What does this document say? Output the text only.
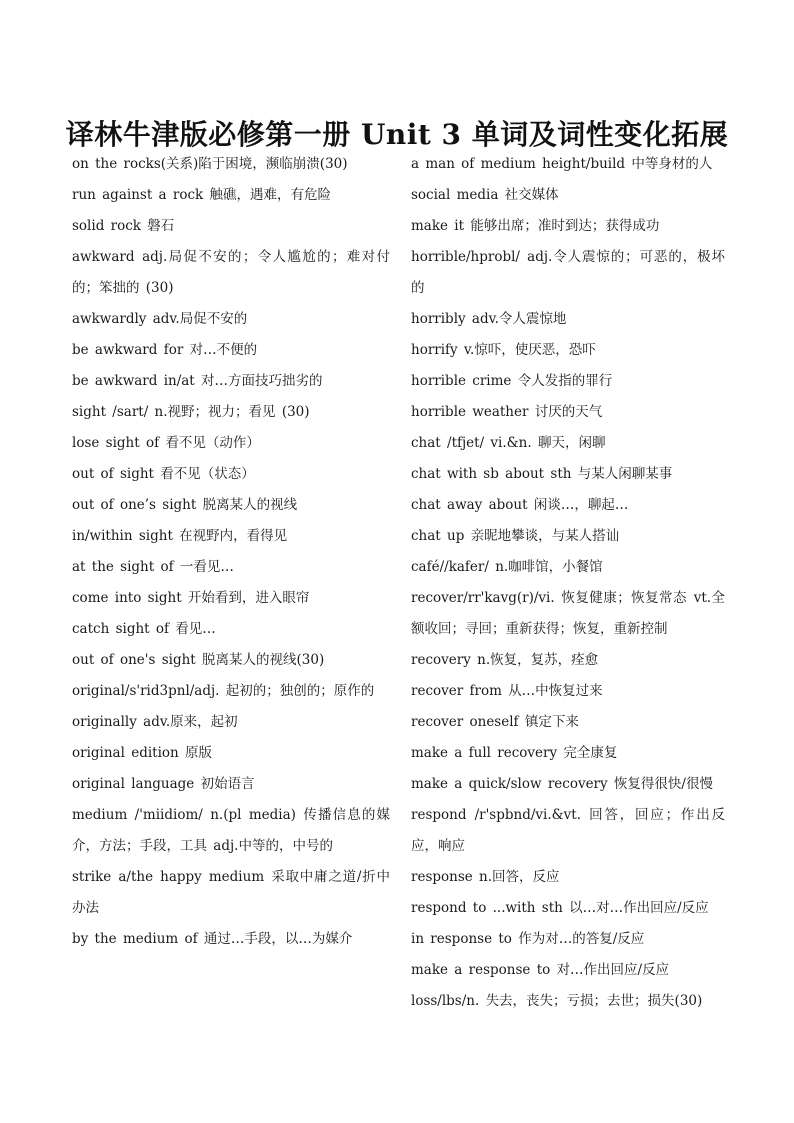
译林牛津版必修第一册 Unit 3 单词及词性变化拓展
on the rocks(关系)陷于困境，濒临崩溃(30)
run against a rock 触礁，遇难，有危险
solid rock 磐石
awkward adj.局促不安的；令人尴尬的；难对付的；笨拙的 (30)
awkwardly adv.局促不安的
be awkward for 对…不便的
be awkward in/at 对…方面技巧拙劣的
sight /sart/ n.视野；视力；看见 (30)
lose sight of 看不见（动作）
out of sight 看不见（状态）
out of one’s sight 脱离某人的视线
in/within sight 在视野内，看得见
at the sight of 一看见…
come into sight 开始看到，进入眼帘
catch sight of 看见…
out of one's sight 脱离某人的视线(30)
original/s'rid3pnl/adj. 起初的；独创的；原作的
originally adv.原来，起初
original edition 原版
original language 初始语言
medium /'miidiom/ n.(pl media) 传播信息的媒介，方法；手段，工具 adj.中等的，中号的
strike a/the happy medium 采取中庸之道/折中办法
by the medium of 通过…手段，以…为媒介
a man of medium height/build 中等身材的人
social media 社交媒体
make it 能够出席；准时到达；获得成功
horrible/hprobl/ adj.令人震惊的；可恶的，极坏的
horribly adv.令人震惊地
horrify v.惊吓，使厌恶，恐吓
horrible crime 令人发指的罪行
horrible weather 讨厌的天气
chat /tfjet/ vi.&n. 聊天，闲聊
chat with sb about sth 与某人闲聊某事
chat away about 闲谈…，聊起…
chat up 亲昵地攀谈，与某人搭讪
café//kafer/ n.咖啡馆，小餐馆
recover/rr'kavg(r)/vi. 恢复健康；恢复常态 vt.全额收回；寻回；重新获得；恢复，重新控制
recovery n.恢复，复苏，痊愈
recover from 从…中恢复过来
recover oneself 镇定下来
make a full recovery 完全康复
make a quick/slow recovery 恢复得很快/很慢
respond /r'spbnd/vi.&vt. 回答，回应；作出反应，响应
response n.回答，反应
respond to ...with sth 以…对…作出回应/反应
in response to 作为对…的答复/反应
make a response to 对…作出回应/反应
loss/lbs/n. 失去，丧失；亏损；去世；损失(30)
